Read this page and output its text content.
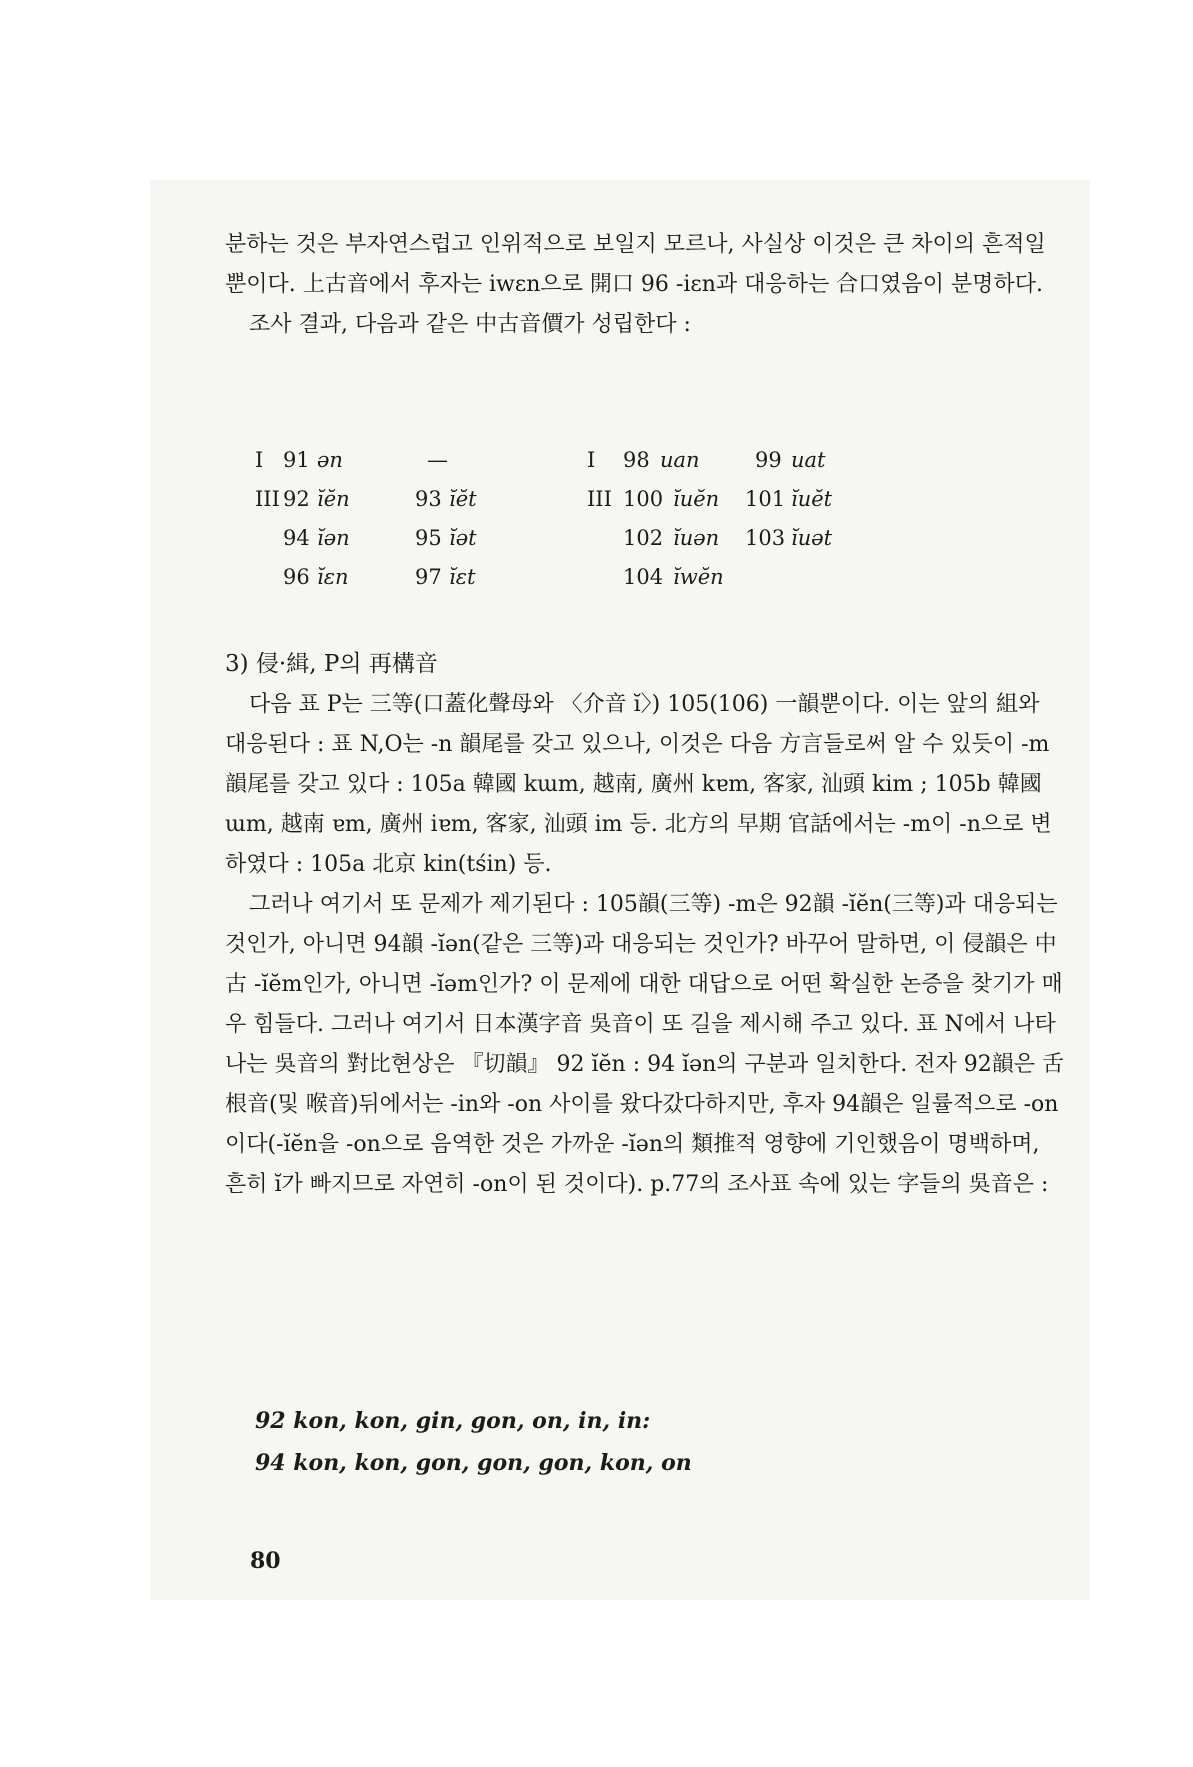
분하는 것은 부자연스럽고 인위적으로 보일지 모르나, 사실상 이것은 큰 차이의 흔적일 뿐이다. 上古音에서 후자는 iwεn으로 開口 96 -iεn과 대응하는 合口였음이 분명하다.

조사 결과, 다음과 같은 中古音價가 성립한다 :

I 91 ən	—	I 98 uan	99 uat
III 92 ĭĕn	93 ĭĕt	III 100 ĭuĕn 101 ĭuĕt
94 ĭən	95 ĭət	102 ĭuən 103 ĭuət
96 ĭεn	97 ĭεt	104 ĭwĕn
3) 侵·緝, P의 再構音

다음 표 P는 三等(口蓋化聲母와 〈介音 ĭ〉) 105(106) 一韻뿐이다. 이는 앞의 組와 대응된다 : 표 N,O는 -n 韻尾를 갖고 있으나, 이것은 다음 方言들로써 알 수 있듯이 -m 韻尾를 갖고 있다 : 105a 韓國 kɯm, 越南, 廣州 kɐm, 客家, 汕頭 kim ; 105b 韓國 ɯm, 越南 ɐm, 廣州 iɐm, 客家, 汕頭 im 등. 北方의 早期 官話에서는 -m이 -n으로 변하였다 : 105a 北京 kin(tśin) 등.

그러나 여기서 또 문제가 제기된다 : 105韻(三等) -m은 92韻 -ĭĕn(三等)과 대응되는 것인가, 아니면 94韻 -ĭən(같은 三等)과 대응되는 것인가? 바꾸어 말하면, 이 侵韻은 中古 -ĭĕm인가, 아니면 -ĭəm인가? 이 문제에 대한 대답으로 어떤 확실한 논증을 찾기가 매우 힘들다. 그러나 여기서 日本漢字音 吳音이 또 길을 제시해 주고 있다. 표 N에서 나타나는 吳音의 對比현상은 『切韻』 92 ĭĕn : 94 ĭən의 구분과 일치한다. 전자 92韻은 舌根音(및 喉音)뒤에서는 -in와 -on 사이를 왔다갔다하지만, 후자 94韻은 일률적으로 -on이다(-ĭĕn을 -on으로 음역한 것은 가까운 -ĭən의 類推적 영향에 기인했음이 명백하며, 흔히 ĭ가 빠지므로 자연히 -on이 된 것이다). p.77의 조사표 속에 있는 字들의 吳音은 :

92 kon, kon, gin, gon, on, in, in:
94 kon, kon, gon, gon, gon, kon, on
80
